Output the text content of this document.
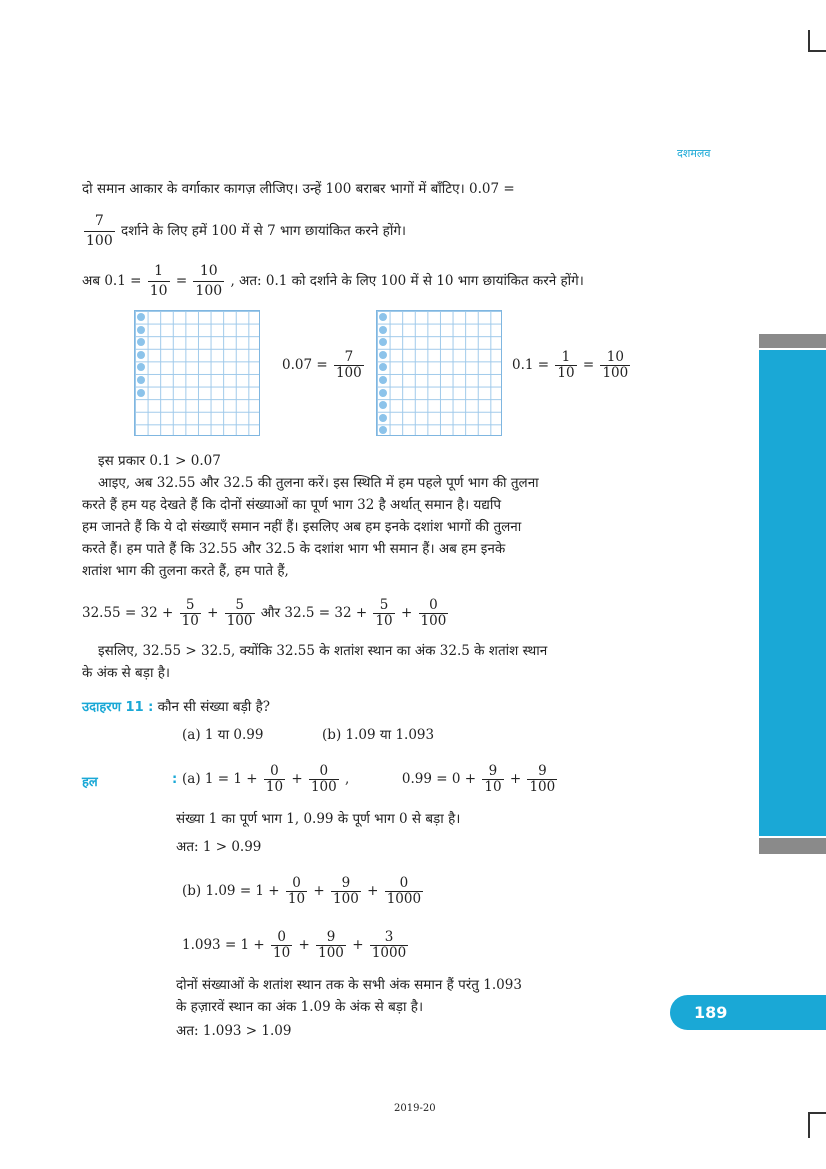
दशमलव
दो समान आकार के वर्गाकार कागज़ लीजिए। उन्हें 100 बराबर भागों में बाँटिए। 0.07 =
$\frac{7}{100}$ दर्शाने के लिए हमें 100 में से 7 भाग छायांकित करने होंगे।
अब $0.1 = \frac{1}{10} = \frac{10}{100}$ , अत: 0.1 को दर्शाने के लिए 100 में से 10 भाग छायांकित करने होंगे।
$0.07 = \frac{7}{100}$	$0.1 = \frac{1}{10} = \frac{10}{100}$
इस प्रकार 0.1 > 0.07
आइए, अब 32.55 और 32.5 की तुलना करें। इस स्थिति में हम पहले पूर्ण भाग की तुलना
करते हैं हम यह देखते हैं कि दोनों संख्याओं का पूर्ण भाग 32 है अर्थात् समान है। यद्यपि
हम जानते हैं कि ये दो संख्याएँ समान नहीं हैं। इसलिए अब हम इनके दशांश भागों की तुलना
करते हैं। हम पाते हैं कि 32.55 और 32.5 के दशांश भाग भी समान हैं। अब हम इनके
शतांश भाग की तुलना करते हैं, हम पाते हैं,
$32.55 = 32 + \frac{5}{10} + \frac{5}{100}$ और $32.5 = 32 + \frac{5}{10} + \frac{0}{100}$
इसलिए, 32.55 > 32.5, क्योंकि 32.55 के शतांश स्थान का अंक 32.5 के शतांश स्थान
के अंक से बड़ा है।
उदाहरण 11 : कौन सी संख्या बड़ी है?
(a) 1 या 0.99	(b) 1.09 या 1.093
हल	: (a) $1 = 1 + \frac{0}{10} + \frac{0}{100}$ ,	$0.99 = 0 + \frac{9}{10} + \frac{9}{100}$
संख्या 1 का पूर्ण भाग 1, 0.99 के पूर्ण भाग 0 से बड़ा है।
अत: 1 > 0.99
(b) $1.09 = 1 + \frac{0}{10} + \frac{9}{100} + \frac{0}{1000}$
$1.093 = 1 + \frac{0}{10} + \frac{9}{100} + \frac{3}{1000}$
दोनों संख्याओं के शतांश स्थान तक के सभी अंक समान हैं परंतु 1.093
के हज़ारवें स्थान का अंक 1.09 के अंक से बड़ा है।
अत: 1.093 > 1.09
189
2019-20
